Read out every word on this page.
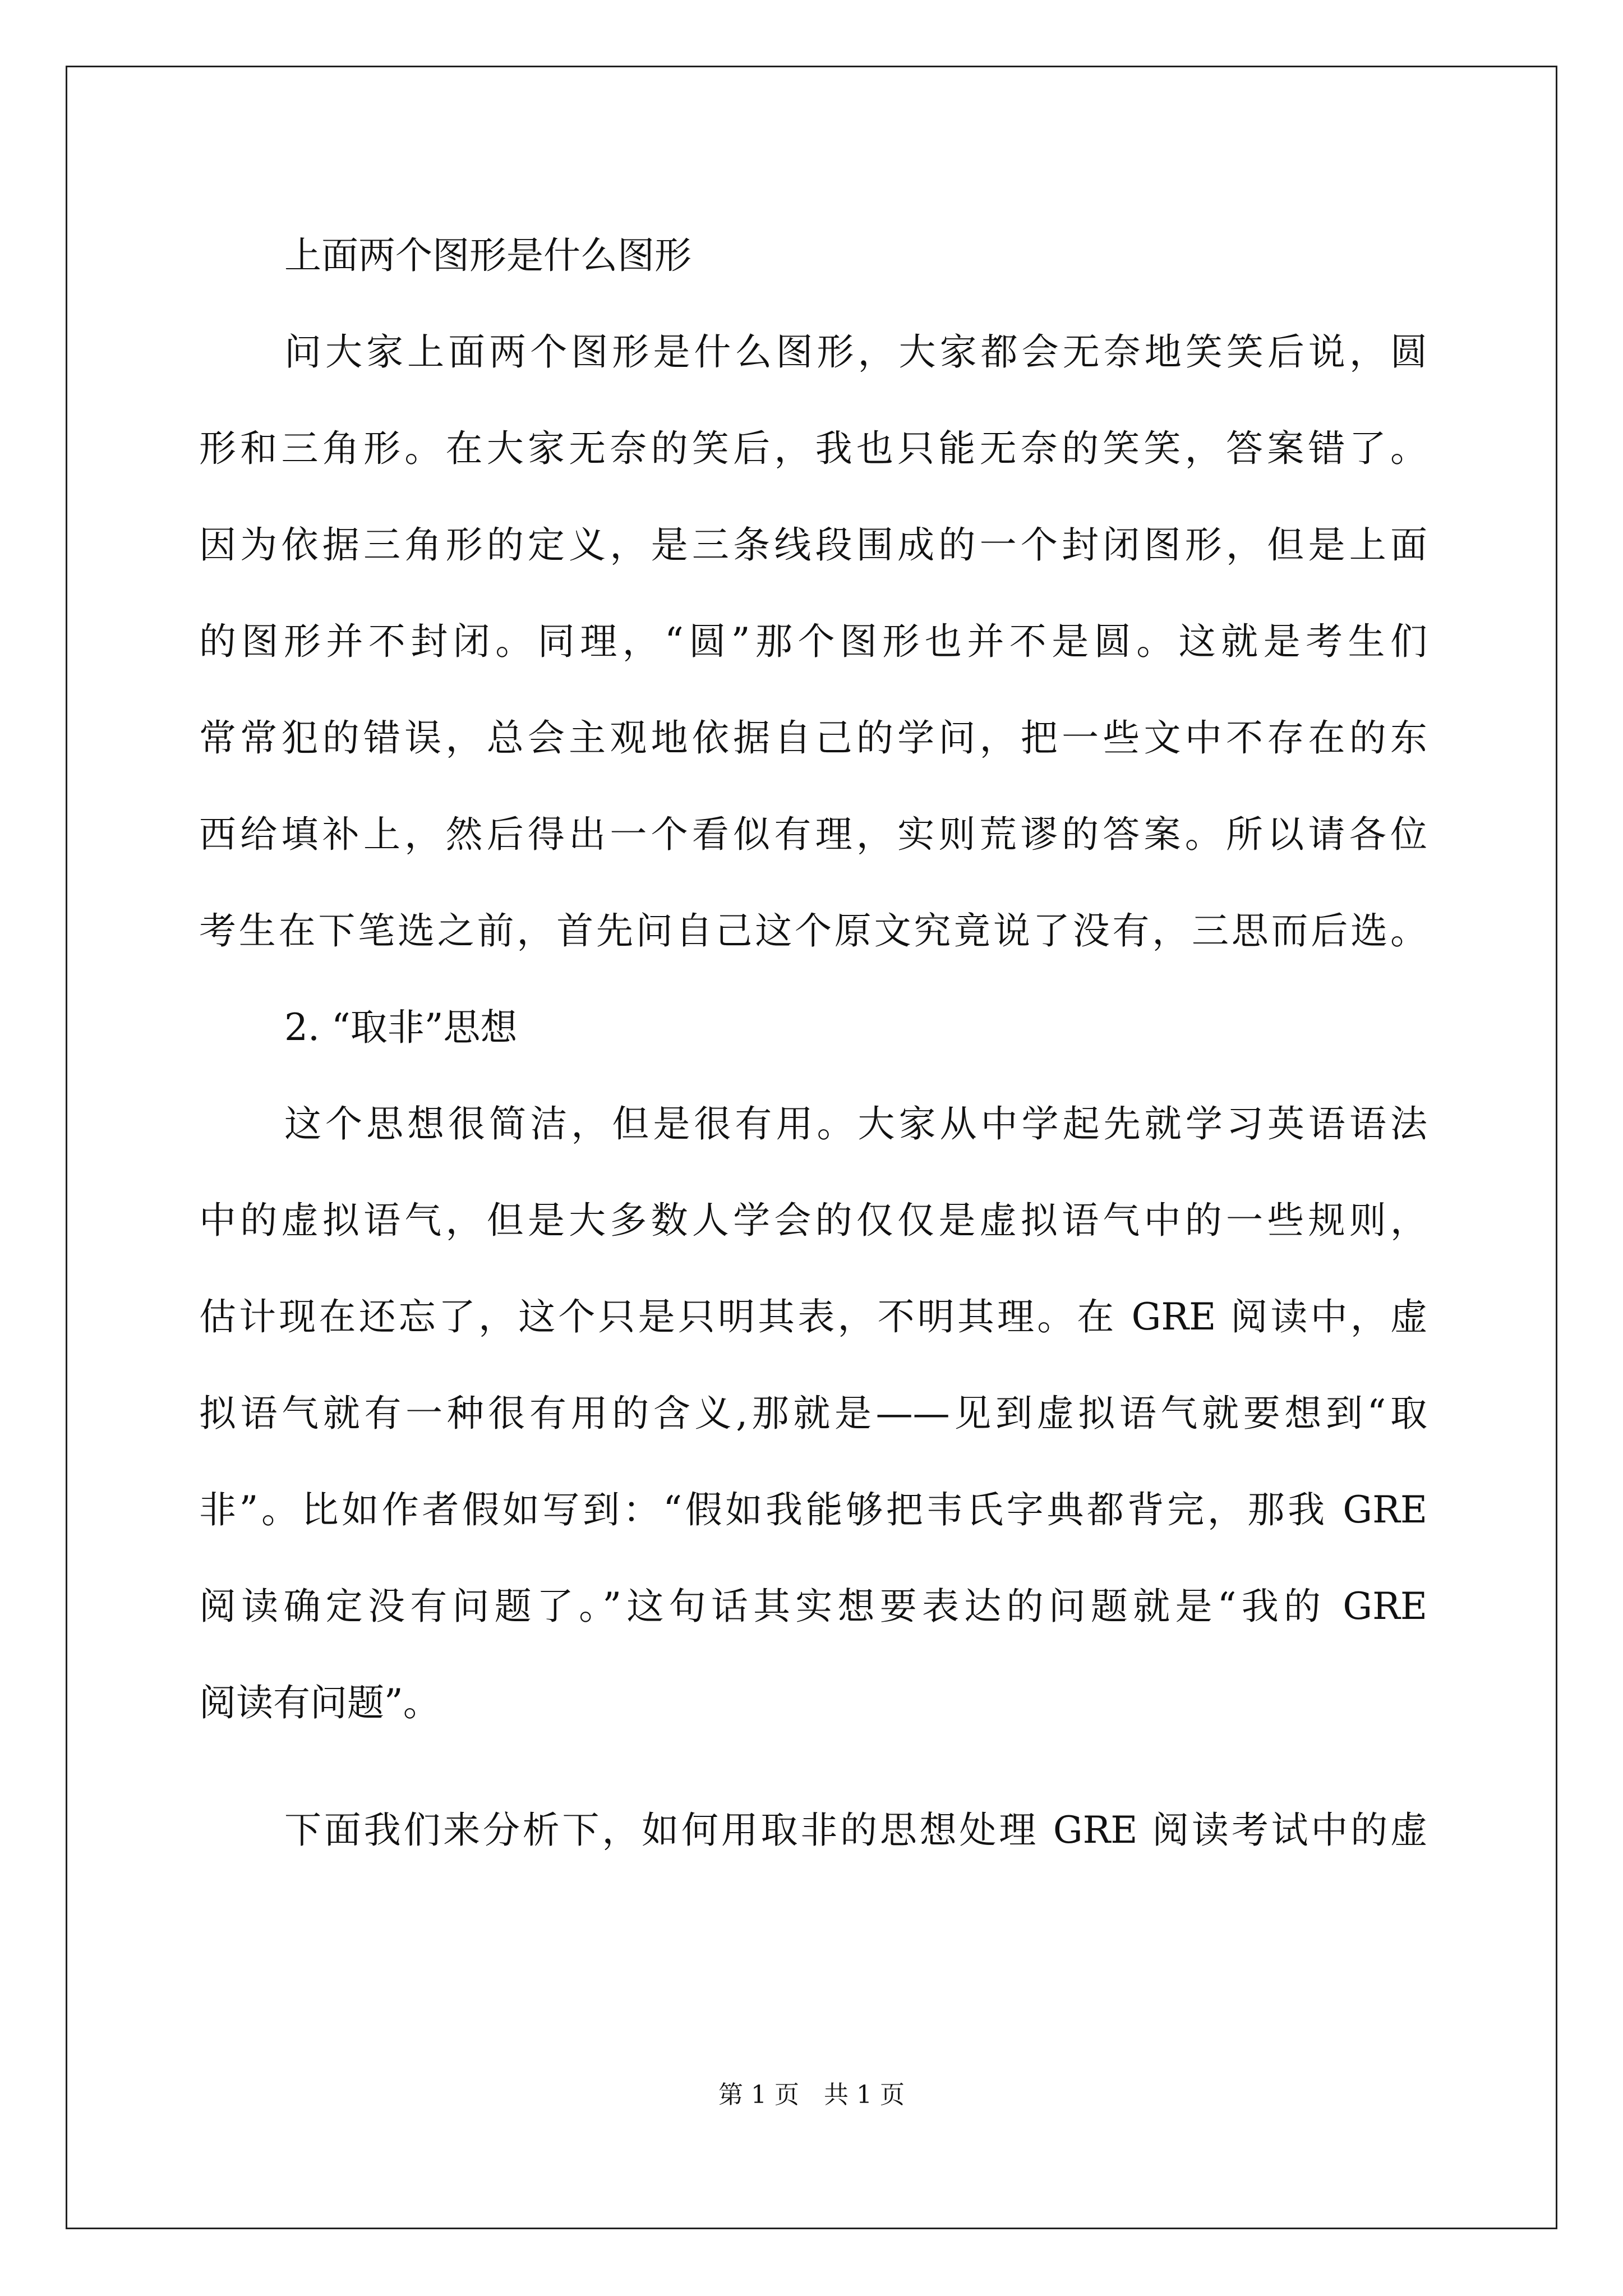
上面两个图形是什么图形
问大家上面两个图形是什么图形，大家都会无奈地笑笑后说，圆
形和三角形。在大家无奈的笑后，我也只能无奈的笑笑，答案错了。
因为依据三角形的定义，是三条线段围成的一个封闭图形，但是上面
的图形并不封闭。同理，“圆”那个图形也并不是圆。这就是考生们
常常犯的错误，总会主观地依据自己的学问，把一些文中不存在的东
西给填补上，然后得出一个看似有理，实则荒谬的答案。所以请各位
考生在下笔选之前，首先问自己这个原文究竟说了没有，三思而后选。
2. “取非”思想
这个思想很简洁，但是很有用。大家从中学起先就学习英语语法
中的虚拟语气，但是大多数人学会的仅仅是虚拟语气中的一些规则，
估计现在还忘了，这个只是只明其表，不明其理。在 GRE 阅读中，虚
拟语气就有一种很有用的含义,那就是——见到虚拟语气就要想到“取
非”。比如作者假如写到：“假如我能够把韦氏字典都背完，那我 GRE
阅读确定没有问题了。”这句话其实想要表达的问题就是“我的 GRE
阅读有问题”。
下面我们来分析下，如何用取非的思想处理 GRE 阅读考试中的虚
第 1 页 共 1 页
